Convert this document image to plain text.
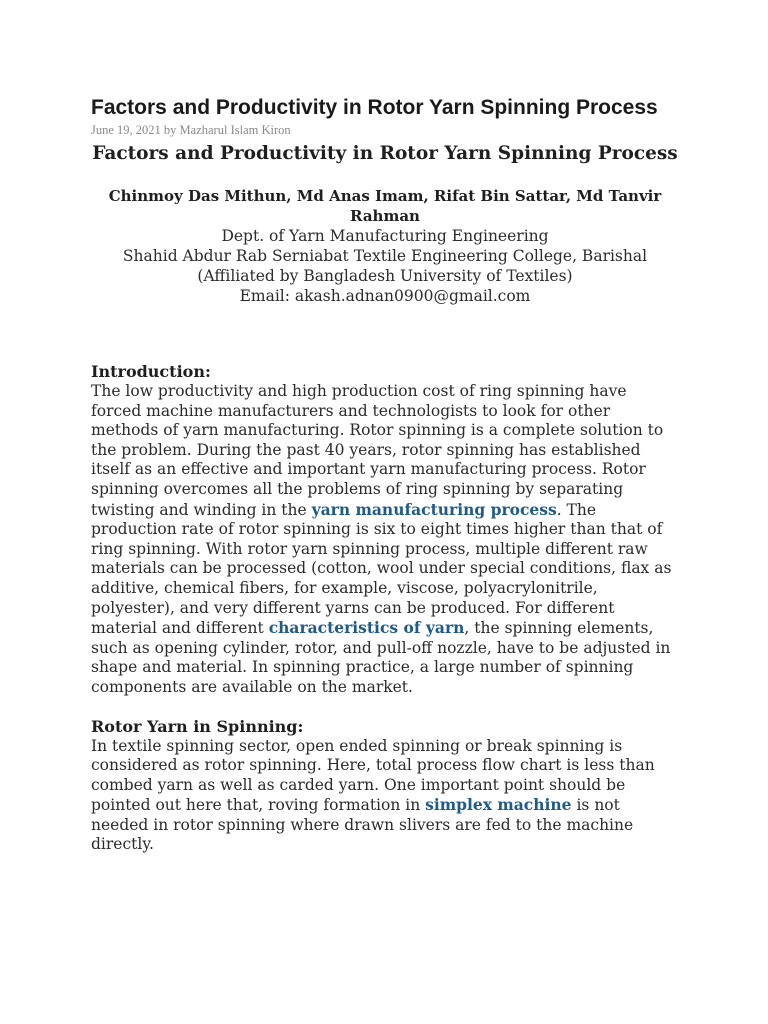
Factors and Productivity in Rotor Yarn Spinning Process
June 19, 2021 by Mazharul Islam Kiron
Factors and Productivity in Rotor Yarn Spinning Process
Chinmoy Das Mithun, Md Anas Imam, Rifat Bin Sattar, Md Tanvir Rahman
Dept. of Yarn Manufacturing Engineering
Shahid Abdur Rab Serniabat Textile Engineering College, Barishal
(Affiliated by Bangladesh University of Textiles)
Email: akash.adnan0900@gmail.com
Introduction:

The low productivity and high production cost of ring spinning have forced machine manufacturers and technologists to look for other methods of yarn manufacturing. Rotor spinning is a complete solution to the problem. During the past 40 years, rotor spinning has established itself as an effective and important yarn manufacturing process. Rotor spinning overcomes all the problems of ring spinning by separating twisting and winding in the yarn manufacturing process. The production rate of rotor spinning is six to eight times higher than that of ring spinning. With rotor yarn spinning process, multiple different raw materials can be processed (cotton, wool under special conditions, flax as additive, chemical fibers, for example, viscose, polyacrylonitrile, polyester), and very different yarns can be produced. For different material and different characteristics of yarn, the spinning elements, such as opening cylinder, rotor, and pull-off nozzle, have to be adjusted in shape and material. In spinning practice, a large number of spinning components are available on the market.

Rotor Yarn in Spinning:

In textile spinning sector, open ended spinning or break spinning is considered as rotor spinning. Here, total process flow chart is less than combed yarn as well as carded yarn. One important point should be pointed out here that, roving formation in simplex machine is not needed in rotor spinning where drawn slivers are fed to the machine directly.
